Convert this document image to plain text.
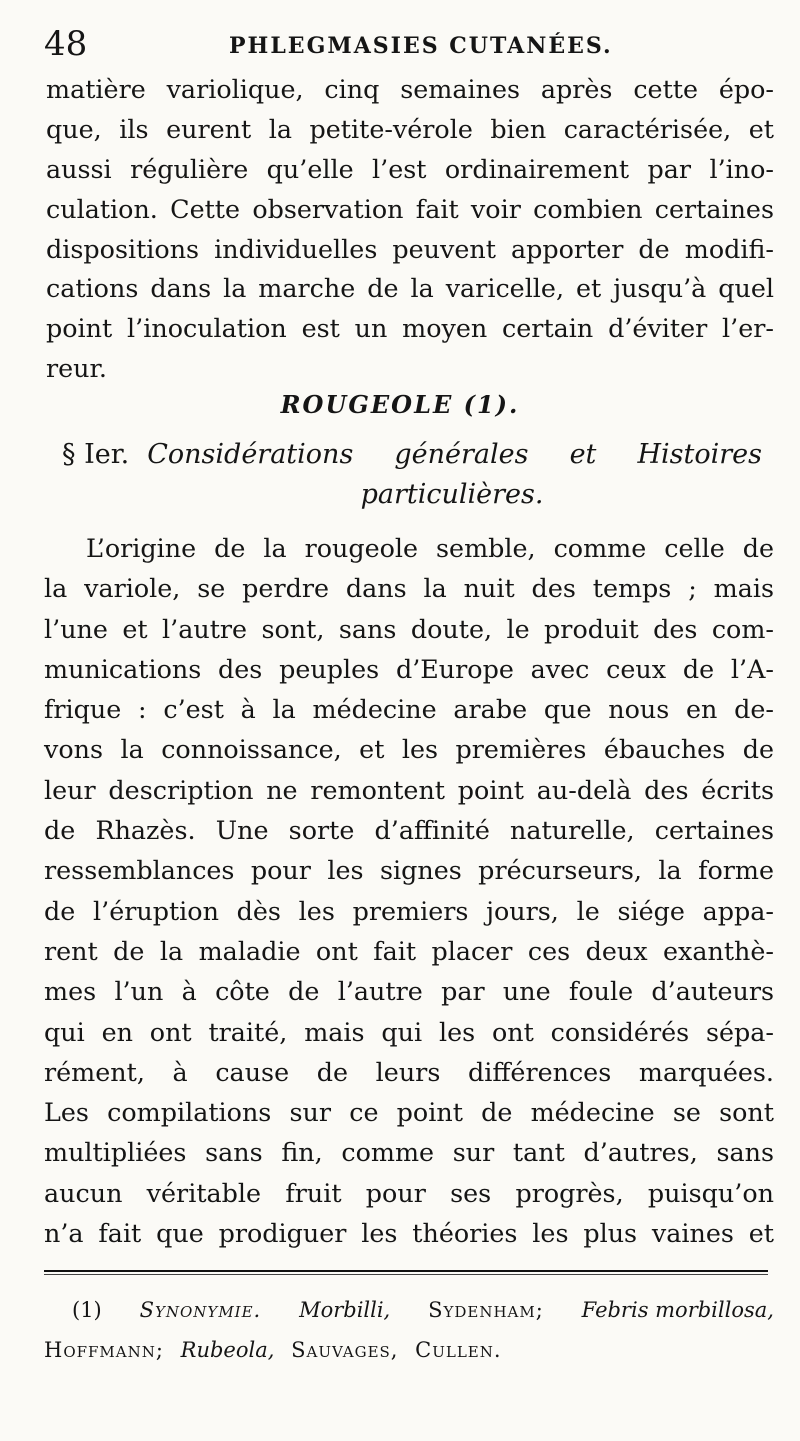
48	PHLEGMASIES CUTANÉES.
matière variolique, cinq semaines après cette épo-
que, ils eurent la petite-vérole bien caractérisée, et
aussi régulière qu’elle l’est ordinairement par l’ino-
culation. Cette observation fait voir combien certaines
dispositions individuelles peuvent apporter de modifi-
cations dans la marche de la varicelle, et jusqu’à quel
point l’inoculation est un moyen certain d’éviter l’er-
reur.
ROUGEOLE (1).
§ Ier. Considérations générales et Histoires
particulières.
L’origine de la rougeole semble, comme celle de
la variole, se perdre dans la nuit des temps ; mais
l’une et l’autre sont, sans doute, le produit des com-
munications des peuples d’Europe avec ceux de l’A-
frique : c’est à la médecine arabe que nous en de-
vons la connoissance, et les premières ébauches de
leur description ne remontent point au-delà des écrits
de Rhazès. Une sorte d’affinité naturelle, certaines
ressemblances pour les signes précurseurs, la forme
de l’éruption dès les premiers jours, le siége appa-
rent de la maladie ont fait placer ces deux exanthè-
mes l’un à côte de l’autre par une foule d’auteurs
qui en ont traité, mais qui les ont considérés sépa-
rément, à cause de leurs différences marquées.
Les compilations sur ce point de médecine se sont
multipliées sans fin, comme sur tant d’autres, sans
aucun véritable fruit pour ses progrès, puisqu’on
n’a fait que prodiguer les théories les plus vaines et
(1) Synonymie. Morbilli, Sydenham; Febris morbillosa,
Hoffmann; Rubeola, Sauvages, Cullen.
